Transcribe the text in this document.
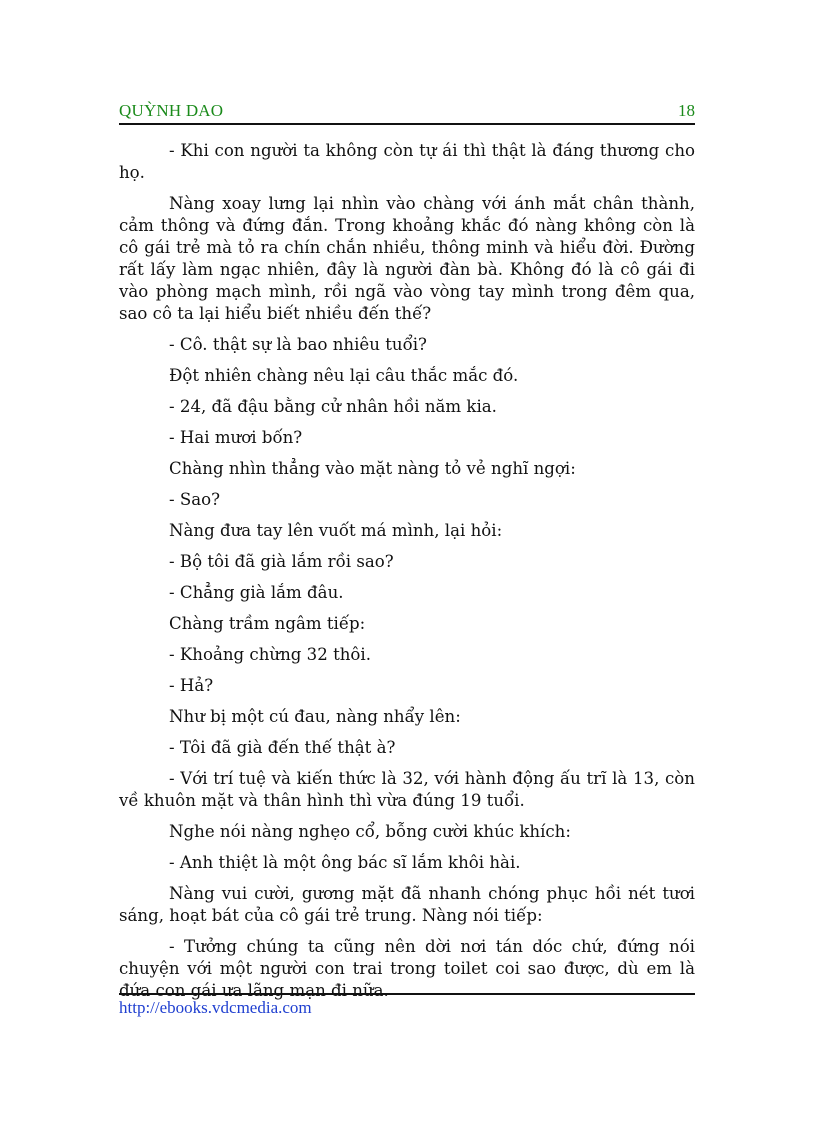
QUỲNH DAO	18

- Khi con người ta không còn tự ái thì thật là đáng thương cho họ.

Nàng xoay lưng lại nhìn vào chàng với ánh mắt chân thành, cảm thông và đứng đắn. Trong khoảng khắc đó nàng không còn là cô gái trẻ mà tỏ ra chín chắn nhiều, thông minh và hiểu đời. Đường rất lấy làm ngạc nhiên, đây là người đàn bà. Không đó là cô gái đi vào phòng mạch mình, rồi ngã vào vòng tay mình trong đêm qua, sao cô ta lại hiểu biết nhiều đến thế?

- Cô. thật sự là bao nhiêu tuổi?

Đột nhiên chàng nêu lại câu thắc mắc đó.

- 24, đã đậu bằng cử nhân hồi năm kia.

- Hai mươi bốn?

Chàng nhìn thẳng vào mặt nàng tỏ vẻ nghĩ ngợi:

- Sao?

Nàng đưa tay lên vuốt má mình, lại hỏi:

- Bộ tôi đã già lắm rồi sao?

- Chẳng già lắm đâu.

Chàng trầm ngâm tiếp:

- Khoảng chừng 32 thôi.

- Hả?

Như bị một cú đau, nàng nhẩy lên:

- Tôi đã già đến thế thật à?

- Với trí tuệ và kiến thức là 32, với hành động ấu trĩ là 13, còn về khuôn mặt và thân hình thì vừa đúng 19 tuổi.

Nghe nói nàng nghẹo cổ, bỗng cười khúc khích:

- Anh thiệt là một ông bác sĩ lắm khôi hài.

Nàng vui cười, gương mặt đã nhanh chóng phục hồi nét tươi sáng, hoạt bát của cô gái trẻ trung. Nàng nói tiếp:

- Tưởng chúng ta cũng nên dời nơi tán dóc chứ, đứng nói chuyện với một người con trai trong toilet coi sao được, dù em là đứa con gái ưa lãng mạn đi nữa.

http://ebooks.vdcmedia.com
